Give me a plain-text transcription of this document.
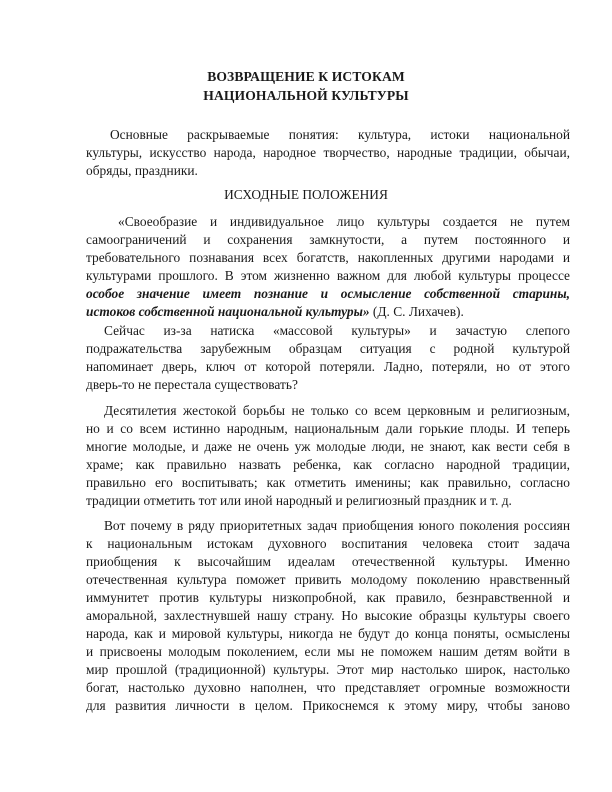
ВОЗВРАЩЕНИЕ К ИСТОКАМ
НАЦИОНАЛЬНОЙ КУЛЬТУРЫ
Основные раскрываемые понятия: культура, истоки национальной
культуры, искусство народа, народное творчество, народные традиции, обычаи,
обряды, праздники.
ИСХОДНЫЕ ПОЛОЖЕНИЯ
«Своеобразие и индивидуальное лицо культуры создается не путем
самоограничений и сохранения замкнутости, а путем постоянного и
требовательного познавания всех богатств, накопленных другими народами и
культурами прошлого. В этом жизненно важном для любой культуры процессе
особое значение имеет познание и осмысление собственной старины,
истоков собственной национальной культуры» (Д. С. Лихачев).
Сейчас из-за натиска «массовой культуры» и зачастую слепого
подражательства зарубежным образцам ситуация с родной культурой
напоминает дверь, ключ от которой потеряли. Ладно, потеряли, но от этого
дверь-то не перестала существовать?
Десятилетия жестокой борьбы не только со всем церковным и религиозным,
но и со всем истинно народным, национальным дали горькие плоды. И теперь
многие молодые, и даже не очень уж молодые люди, не знают, как вести себя в
храме; как правильно назвать ребенка, как согласно народной традиции,
правильно его воспитывать; как отметить именины; как правильно, согласно
традиции отметить тот или иной народный и религиозный праздник и т. д.
Вот почему в ряду приоритетных задач приобщения юного поколения россиян
к национальным истокам духовного воспитания человека стоит задача
приобщения к высочайшим идеалам отечественной культуры. Именно
отечественная культура поможет привить молодому поколению нравственный
иммунитет против культуры низкопробной, как правило, безнравственной и
аморальной, захлестнувшей нашу страну. Но высокие образцы культуры своего
народа, как и мировой культуры, никогда не будут до конца поняты, осмыслены
и присвоены молодым поколением, если мы не поможем нашим детям войти в
мир прошлой (традиционной) культуры. Этот мир настолько широк, настолько
богат, настолько духовно наполнен, что представляет огромные возможности
для развития личности в целом. Прикоснемся к этому миру, чтобы заново
